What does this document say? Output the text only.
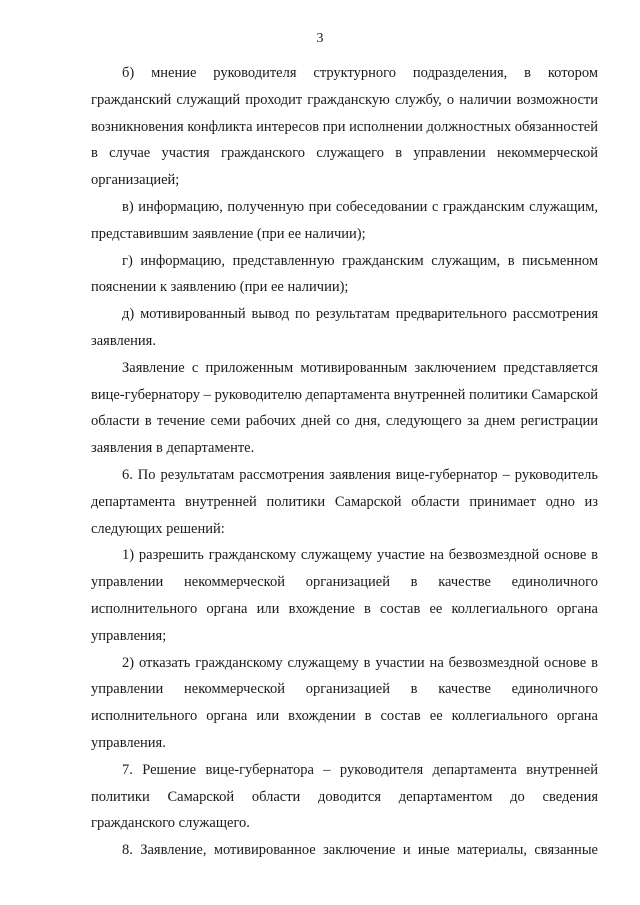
3

б) мнение руководителя структурного подразделения, в котором гражданский служащий проходит гражданскую службу, о наличии возможности возникновения конфликта интересов при исполнении должностных обязанностей в случае участия гражданского служащего в управлении некоммерческой организацией;

в) информацию, полученную при собеседовании с гражданским служащим, представившим заявление (при ее наличии);

г) информацию, представленную гражданским служащим, в письменном пояснении к заявлению (при ее наличии);

д) мотивированный вывод по результатам предварительного рассмотрения заявления.

Заявление с приложенным мотивированным заключением представляется вице-губернатору – руководителю департамента внутренней политики Самарской области в течение семи рабочих дней со дня, следующего за днем регистрации заявления в департаменте.

6. По результатам рассмотрения заявления вице-губернатор – руководитель департамента внутренней политики Самарской области принимает одно из следующих решений:

1) разрешить гражданскому служащему участие на безвозмездной основе в управлении некоммерческой организацией в качестве единоличного исполнительного органа или вхождение в состав ее коллегиального органа управления;

2) отказать гражданскому служащему в участии на безвозмездной основе в управлении некоммерческой организацией в качестве единоличного исполнительного органа или вхождении в состав ее коллегиального органа управления.

7. Решение вице-губернатора – руководителя департамента внутренней политики Самарской области доводится департаментом до сведения гражданского служащего.

8. Заявление, мотивированное заключение и иные материалы, связанные
